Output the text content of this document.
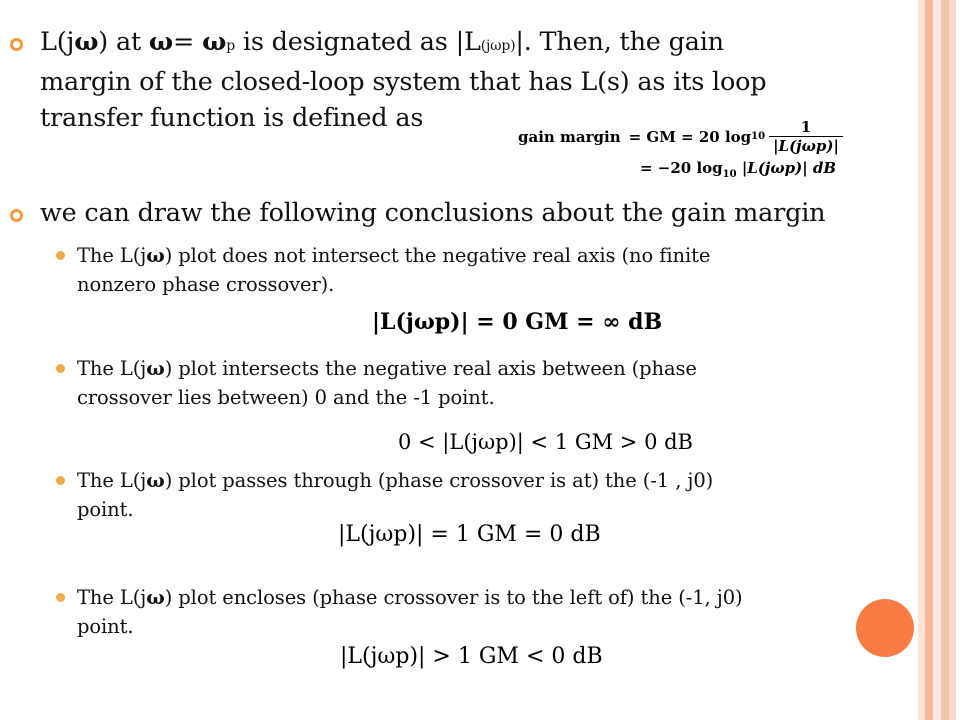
L(jω) at ω= ωp is designated as |L(jωp)|. Then, the gain
margin of the closed-loop system that has L(s) as its loop
transfer function is defined as
gain margin = GM = 20 $\log 10 \frac{1}{\text{|L(jωp)|}}$
= −20 $\log_{10} |L(j\omega p)|$ dB
we can draw the following conclusions about the gain margin
The L(jω) plot does not intersect the negative real axis (no finite
nonzero phase crossover).
|L(jωp)| = 0 GM = ∞ dB
The L(jω) plot intersects the negative real axis between (phase
crossover lies between) 0 and the -1 point.
0 < |L(jωp)| < 1 GM > 0 dB
The L(jω) plot passes through (phase crossover is at) the (-1 , j0)
point.
|L(jωp)| = 1 GM = 0 dB
The L(jω) plot encloses (phase crossover is to the left of) the (-1, j0)
point.
|L(jωp)| > 1 GM < 0 dB
